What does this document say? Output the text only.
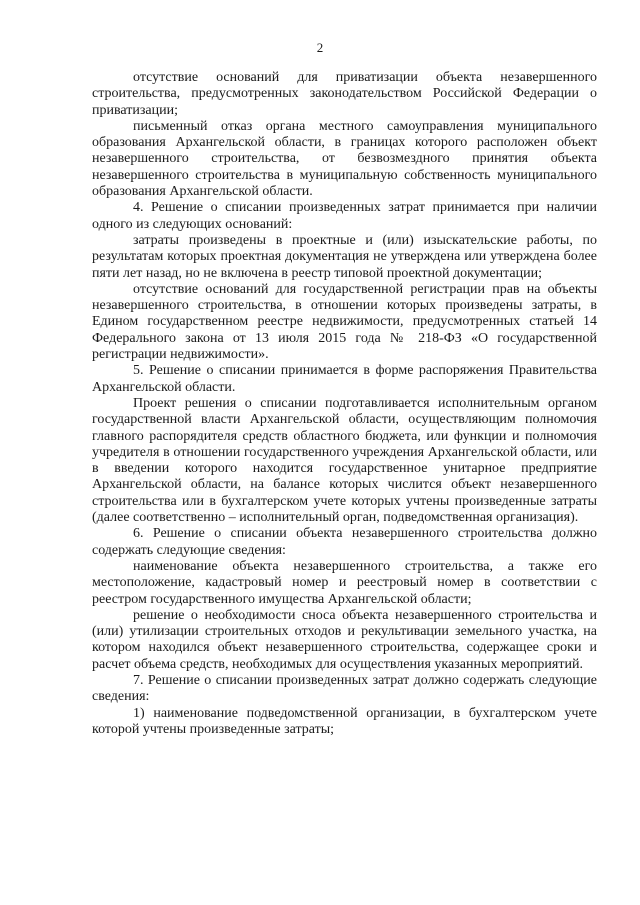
2

отсутствие оснований для приватизации объекта незавершенного строительства, предусмотренных законодательством Российской Федерации о приватизации;

письменный отказ органа местного самоуправления муниципального образования Архангельской области, в границах которого расположен объект незавершенного строительства, от безвозмездного принятия объекта незавершенного строительства в муниципальную собственность муниципального образования Архангельской области.

4. Решение о списании произведенных затрат принимается при наличии одного из следующих оснований:

затраты произведены в проектные и (или) изыскательские работы, по результатам которых проектная документация не утверждена или утверждена более пяти лет назад, но не включена в реестр типовой проектной документации;

отсутствие оснований для государственной регистрации прав на объекты незавершенного строительства, в отношении которых произведены затраты, в Едином государственном реестре недвижимости, предусмотренных статьей 14 Федерального закона от 13 июля 2015 года № 218-ФЗ «О государственной регистрации недвижимости».

5. Решение о списании принимается в форме распоряжения Правительства Архангельской области.

Проект решения о списании подготавливается исполнительным органом государственной власти Архангельской области, осуществляющим полномочия главного распорядителя средств областного бюджета, или функции и полномочия учредителя в отношении государственного учреждения Архангельской области, или в введении которого находится государственное унитарное предприятие Архангельской области, на балансе которых числится объект незавершенного строительства или в бухгалтерском учете которых учтены произведенные затраты (далее соответственно – исполнительный орган, подведомственная организация).

6. Решение о списании объекта незавершенного строительства должно содержать следующие сведения:

наименование объекта незавершенного строительства, а также его местоположение, кадастровый номер и реестровый номер в соответствии с реестром государственного имущества Архангельской области;

решение о необходимости сноса объекта незавершенного строительства и (или) утилизации строительных отходов и рекультивации земельного участка, на котором находился объект незавершенного строительства, содержащее сроки и расчет объема средств, необходимых для осуществления указанных мероприятий.

7. Решение о списании произведенных затрат должно содержать следующие сведения:

1) наименование подведомственной организации, в бухгалтерском учете которой учтены произведенные затраты;
